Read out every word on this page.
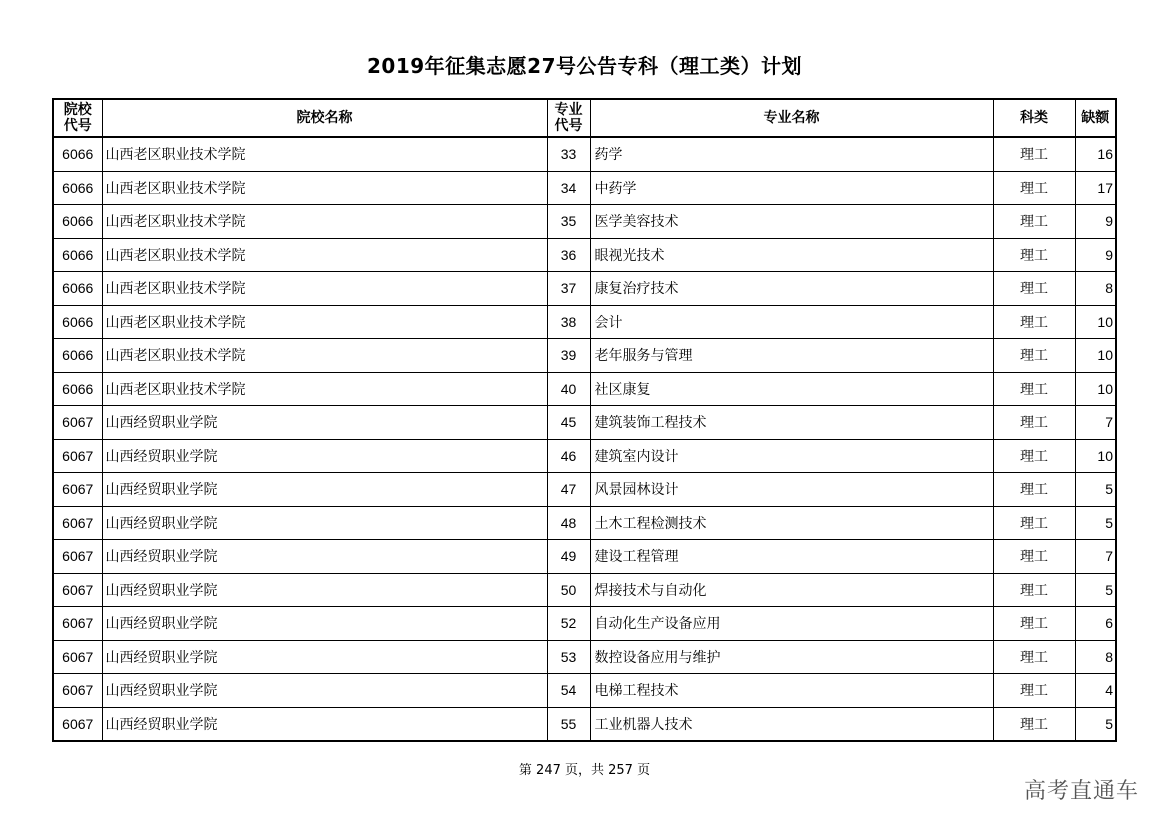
2019年征集志愿27号公告专科（理工类）计划
院校代号	院校名称	专业代号	专业名称	科类	缺额
6066	山西老区职业技术学院	33	药学	理工	16
6066	山西老区职业技术学院	34	中药学	理工	17
6066	山西老区职业技术学院	35	医学美容技术	理工	9
6066	山西老区职业技术学院	36	眼视光技术	理工	9
6066	山西老区职业技术学院	37	康复治疗技术	理工	8
6066	山西老区职业技术学院	38	会计	理工	10
6066	山西老区职业技术学院	39	老年服务与管理	理工	10
6066	山西老区职业技术学院	40	社区康复	理工	10
6067	山西经贸职业学院	45	建筑装饰工程技术	理工	7
6067	山西经贸职业学院	46	建筑室内设计	理工	10
6067	山西经贸职业学院	47	风景园林设计	理工	5
6067	山西经贸职业学院	48	土木工程检测技术	理工	5
6067	山西经贸职业学院	49	建设工程管理	理工	7
6067	山西经贸职业学院	50	焊接技术与自动化	理工	5
6067	山西经贸职业学院	52	自动化生产设备应用	理工	6
6067	山西经贸职业学院	53	数控设备应用与维护	理工	8
6067	山西经贸职业学院	54	电梯工程技术	理工	4
6067	山西经贸职业学院	55	工业机器人技术	理工	5
第 247 页，共 257 页
高考直通车
